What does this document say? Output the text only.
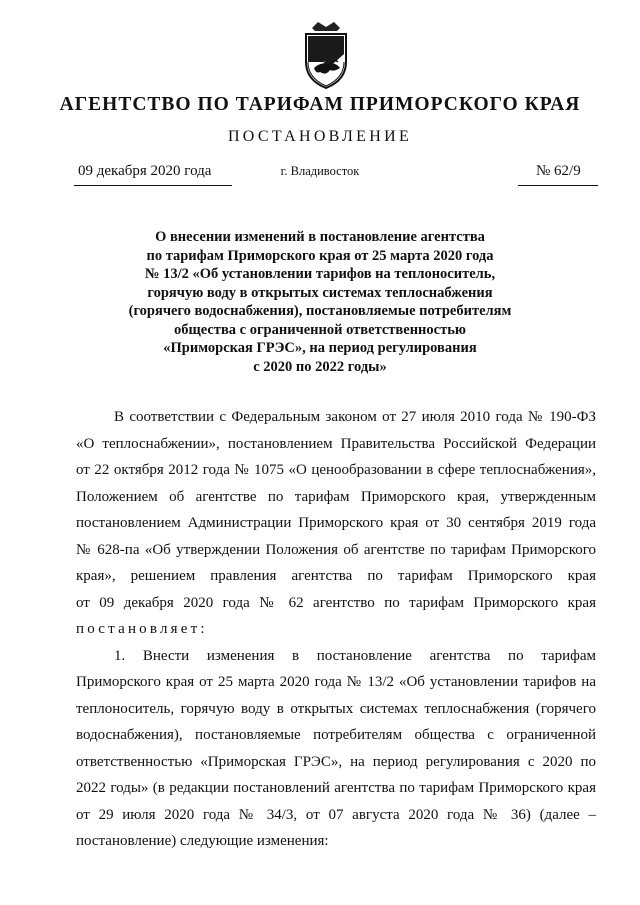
АГЕНТСТВО ПО ТАРИФАМ ПРИМОРСКОГО КРАЯ
ПОСТАНОВЛЕНИЕ
09 декабря 2020 года	г. Владивосток	№ 62/9
О внесении изменений в постановление агентства
по тарифам Приморского края от 25 марта 2020 года
№ 13/2 «Об установлении тарифов на теплоноситель,
горячую воду в открытых системах теплоснабжения
(горячего водоснабжения), постановляемые потребителям
общества с ограниченной ответственностью
«Приморская ГРЭС», на период регулирования
с 2020 по 2022 годы»
В соответствии с Федеральным законом от 27 июля 2010 года № 190-ФЗ
«О теплоснабжении», постановлением Правительства Российской Федерации
от 22 октября 2012 года № 1075 «О ценообразовании в сфере теплоснабжения»,
Положением об агентстве по тарифам Приморского края, утвержденным
постановлением Администрации Приморского края от 30 сентября 2019 года
№ 628-па «Об утверждении Положения об агентстве по тарифам Приморского
края», решением правления агентства по тарифам Приморского края
от 09 декабря 2020 года № 62 агентство по тарифам Приморского края
постановляет:
1. Внести изменения в постановление агентства по тарифам
Приморского края от 25 марта 2020 года № 13/2 «Об установлении тарифов на
теплоноситель, горячую воду в открытых системах теплоснабжения (горячего
водоснабжения), постановляемые потребителям общества с ограниченной
ответственностью «Приморская ГРЭС», на период регулирования с 2020 по
2022 годы» (в редакции постановлений агентства по тарифам Приморского края
от 29 июля 2020 года № 34/3, от 07 августа 2020 года № 36) (далее –
постановление) следующие изменения:
